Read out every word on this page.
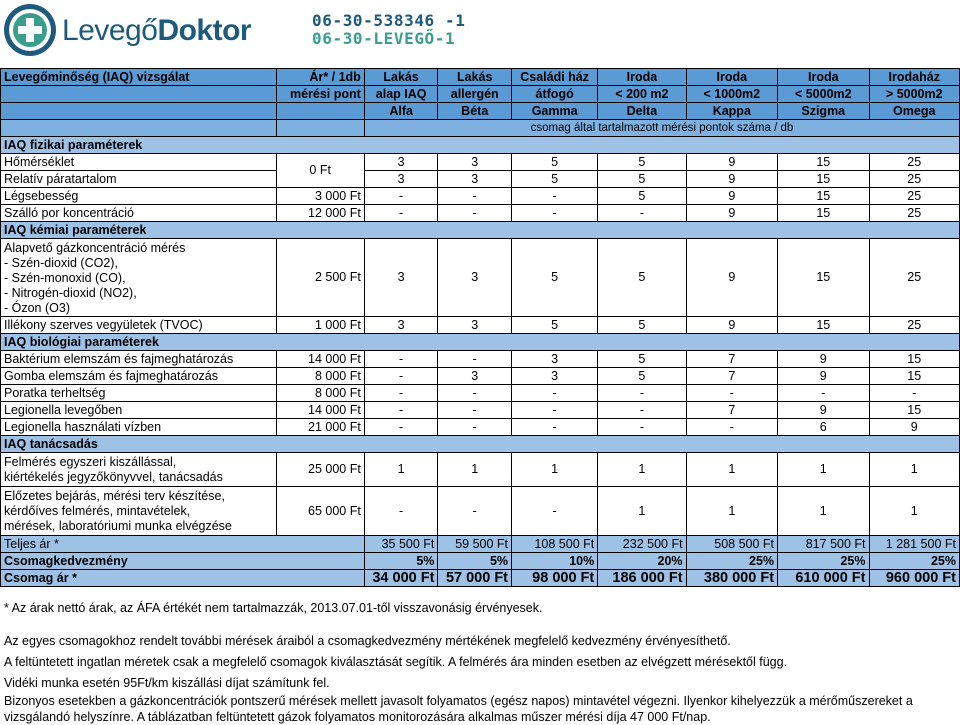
LevegőDoktor	06-30-538346 -1
06-30-LEVEGŐ-1
Levegőminőség (IAQ) vizsgálat	Ár* / 1db	Lakás	Lakás	Családi ház	Iroda	Iroda	Iroda	Irodaház
	mérési pont	alap IAQ	allergén	átfogó	< 200 m2	< 1000m2	< 5000m2	> 5000m2
		Alfa	Béta	Gamma	Delta	Kappa	Szigma	Omega
		csomag által tartalmazott mérési pontok száma / db						
IAQ fizikai paraméterek								
Hőmérséklet	0 Ft	3	3	5	5	9	15	25
Relatív páratartalom		3	3	5	5	9	15	25
Légsebesség	3 000 Ft	-	-	-	5	9	15	25
Szálló por koncentráció	12 000 Ft	-	-	-	-	9	15	25
IAQ kémiai paraméterek								

Alapvető gázkoncentráció mérés
- Szén-dioxid (CO2),
- Szén-monoxid (CO),
- Nitrogén-dioxid (NO2),
- Ózon (O3)	2 500 Ft	3	3	5	5	9	15	25
Illékony szerves vegyületek (TVOC)	1 000 Ft	3	3	5	5	9	15	25
IAQ biológiai paraméterek								
Baktérium elemszám és fajmeghatározás	14 000 Ft	-	-	3	5	7	9	15
Gomba elemszám és fajmeghatározás	8 000 Ft	-	3	3	5	7	9	15
Poratka terheltség	8 000 Ft	-	-	-	-	-	-	-
Legionella levegőben	14 000 Ft	-	-	-	-	7	9	15
Legionella használati vízben	21 000 Ft	-	-	-	-	-	6	9
IAQ tanácsadás								

Felmérés egyszeri kiszállással,
kiértékelés jegyzőkönyvvel, tanácsadás	25 000 Ft	1	1	1	1	1	1	1

Előzetes bejárás, mérési terv készítése,
kérdőíves felmérés, mintavételek,
mérések, laboratóriumi munka elvégzése	65 000 Ft	-	-	-	1	1	1	1
Teljes ár *		35 500 Ft	59 500 Ft	108 500 Ft	232 500 Ft	508 500 Ft	817 500 Ft	1 281 500 Ft
Csomagkedvezmény		5%	5%	10%	20%	25%	25%	25%
Csomag ár *		34 000 Ft	57 000 Ft	98 000 Ft	186 000 Ft	380 000 Ft	610 000 Ft	960 000 Ft

* Az árak nettó árak, az ÁFA értékét nem tartalmazzák, 2013.07.01-től visszavonásig érvényesek.

Az egyes csomagokhoz rendelt további mérések áraiból a csomagkedvezmény mértékének megfelelő kedvezmény érvényesíthető.

A feltüntetett ingatlan méretek csak a megfelelő csomagok kiválasztását segítik. A felmérés ára minden esetben az elvégzett mérésektől függ.

Vidéki munka esetén 95Ft/km kiszállási díjat számítunk fel.

Bizonyos esetekben a gázkoncentrációk pontszerű mérések mellett javasolt folyamatos (egész napos) mintavétel végezni. Ilyenkor kihelyezzük a mérőműszereket a vizsgálandó helyszínre. A táblázatban feltüntetett gázok folyamatos monitorozására alkalmas műszer mérési díja 47 000 Ft/nap.
